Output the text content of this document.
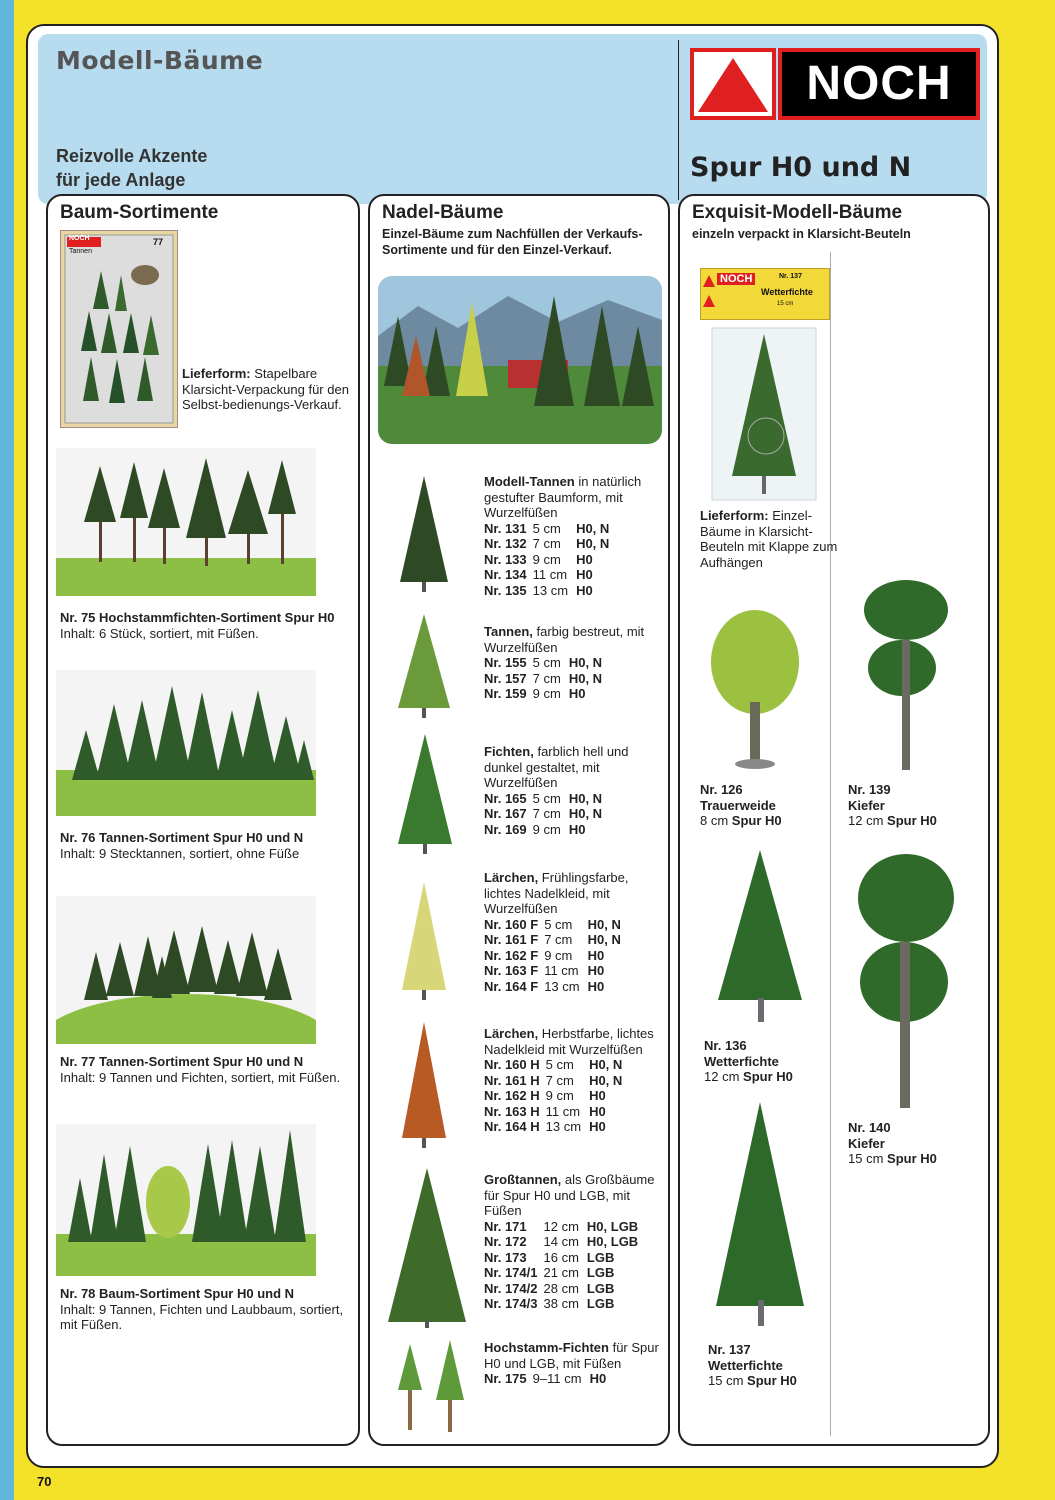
Modell-Bäume
Reizvolle Akzente
für jede Anlage
NOCH
Spur H0 und N
Baum-Sortimente
NOCH
Tannen
77
Lieferform: Stapelbare Klarsicht-Verpackung für den Selbst-bedienungs-Verkauf.
Nr. 75 Hochstammfichten-Sortiment Spur H0
Inhalt: 6 Stück, sortiert, mit Füßen.
Nr. 76 Tannen-Sortiment Spur H0 und N
Inhalt: 9 Stecktannen, sortiert, ohne Füße
Nr. 77 Tannen-Sortiment Spur H0 und N
Inhalt: 9 Tannen und Fichten, sortiert, mit Füßen.
Nr. 78 Baum-Sortiment Spur H0 und N
Inhalt: 9 Tannen, Fichten und Laubbaum, sortiert, mit Füßen.
Nadel-Bäume
Einzel-Bäume zum Nachfüllen der Verkaufs-Sortimente und für den Einzel-Verkauf.
Modell-Tannen in natürlich gestufter Baumform, mit Wurzelfüßen
Nr. 131	5 cm	H0, N
Nr. 132	7 cm	H0, N
Nr. 133	9 cm	H0
Nr. 134	11 cm	H0
Nr. 135	13 cm	H0
Tannen, farbig bestreut, mit Wurzelfüßen
Nr. 155	5 cm	H0, N
Nr. 157	7 cm	H0, N
Nr. 159	9 cm	H0
Fichten, farblich hell und dunkel gestaltet, mit Wurzelfüßen
Nr. 165	5 cm	H0, N
Nr. 167	7 cm	H0, N
Nr. 169	9 cm	H0
Lärchen, Frühlingsfarbe, lichtes Nadelkleid, mit Wurzelfüßen
Nr. 160 F	5 cm	H0, N
Nr. 161 F	7 cm	H0, N
Nr. 162 F	9 cm	H0
Nr. 163 F	11 cm	H0
Nr. 164 F	13 cm	H0
Lärchen, Herbstfarbe, lichtes Nadelkleid mit Wurzelfüßen
Nr. 160 H	5 cm	H0, N
Nr. 161 H	7 cm	H0, N
Nr. 162 H	9 cm	H0
Nr. 163 H	11 cm	H0
Nr. 164 H	13 cm	H0
Großtannen, als Großbäume für Spur H0 und LGB, mit Füßen
Nr. 171	12 cm	H0, LGB
Nr. 172	14 cm	H0, LGB
Nr. 173	16 cm	LGB
Nr. 174/1	21 cm	LGB
Nr. 174/2	28 cm	LGB
Nr. 174/3	38 cm	LGB
Hochstamm-Fichten für Spur H0 und LGB, mit Füßen
Nr. 175	9–11 cm	H0
Exquisit-Modell-Bäume
einzeln verpackt in Klarsicht-Beuteln
NOCH	Nr. 137
Wetterfichte
15 cm
Lieferform: Einzel-Bäume in Klarsicht-Beuteln mit Klappe zum Aufhängen
Nr. 126
Trauerweide
8 cm Spur H0
Nr. 139
Kiefer
12 cm Spur H0
Nr. 136
Wetterfichte
12 cm Spur H0
Nr. 140
Kiefer
15 cm Spur H0
Nr. 137
Wetterfichte
15 cm Spur H0
70
